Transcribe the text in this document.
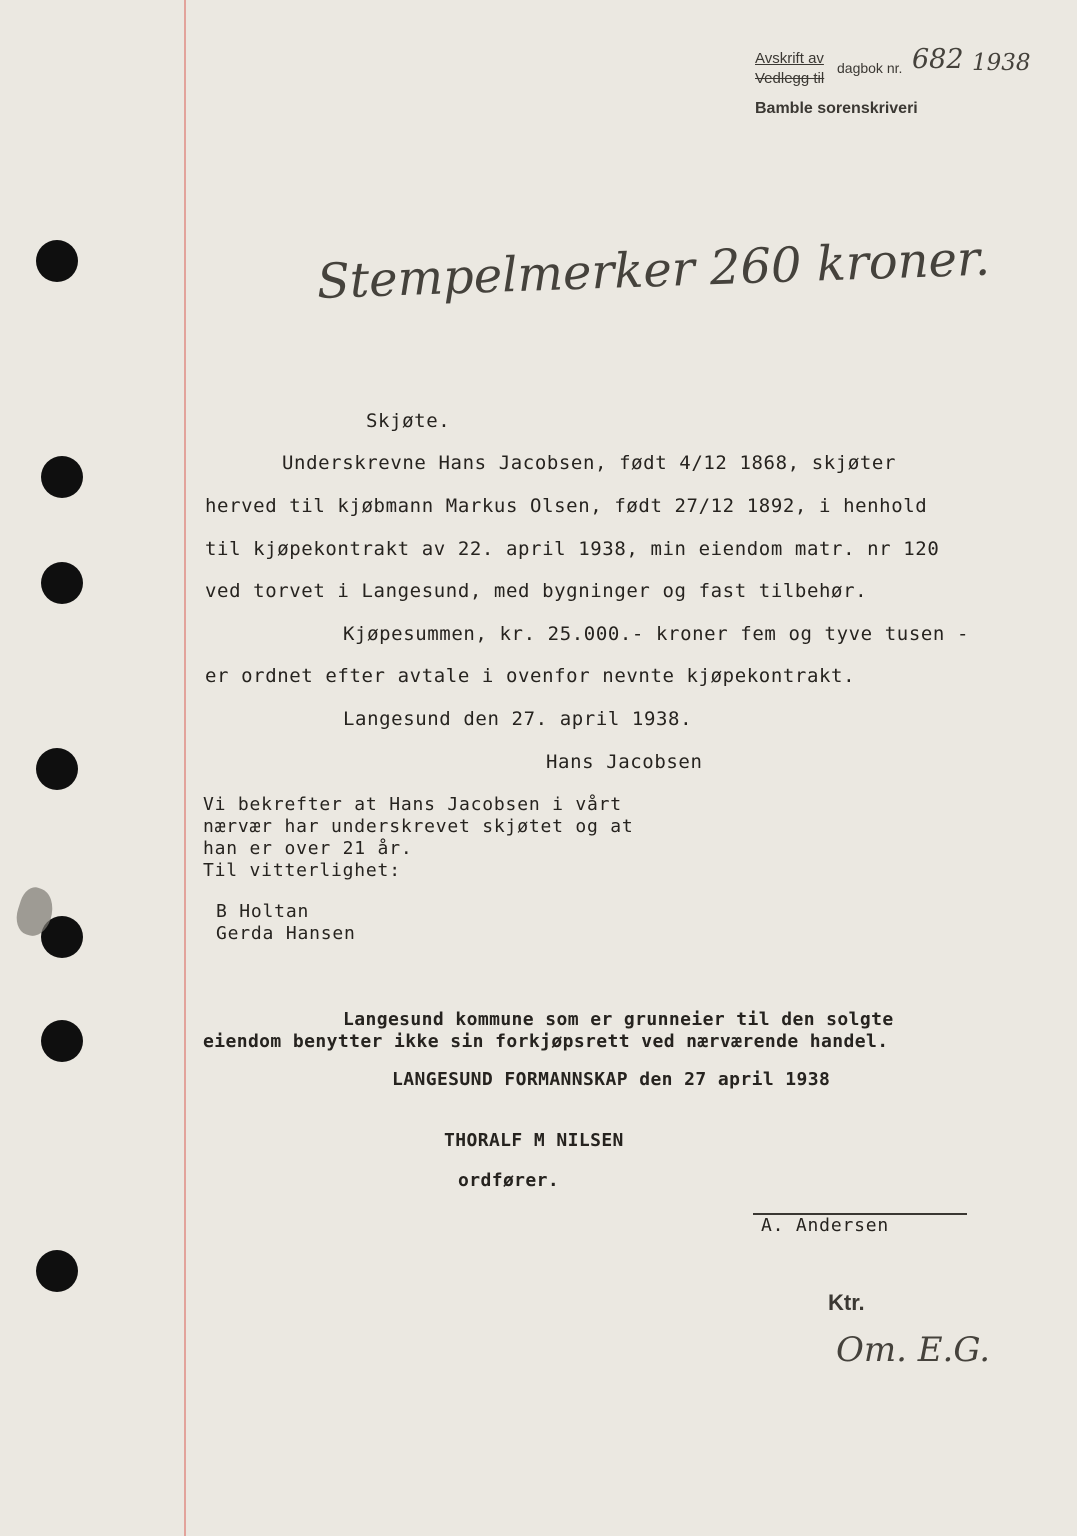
Avskrift av
Vedlegg til
dagbok nr. 682 1938
Bamble sorenskriveri
Stempelmerker 260 kroner.
Skjøte.
Underskrevne Hans Jacobsen, født 4/12 1868, skjøter
herved til kjøbmann Markus Olsen, født 27/12 1892, i henhold
til kjøpekontrakt av 22. april 1938, min eiendom matr. nr 120
ved torvet i Langesund, med bygninger og fast tilbehør.
Kjøpesummen, kr. 25.000.- kroner fem og tyve tusen -
er ordnet efter avtale i ovenfor nevnte kjøpekontrakt.
Langesund den 27. april 1938.
Hans Jacobsen
Vi bekrefter at Hans Jacobsen i vårt
nærvær har underskrevet skjøtet og at
han er over 21 år.
Til vitterlighet:
B Holtan
Gerda Hansen
Langesund kommune som er grunneier til den solgte
eiendom benytter ikke sin forkjøpsrett ved nærværende handel.
LANGESUND FORMANNSKAP den 27 april 1938
THORALF M NILSEN
ordfører.
A. Andersen
Ktr.
Om. E.G.
